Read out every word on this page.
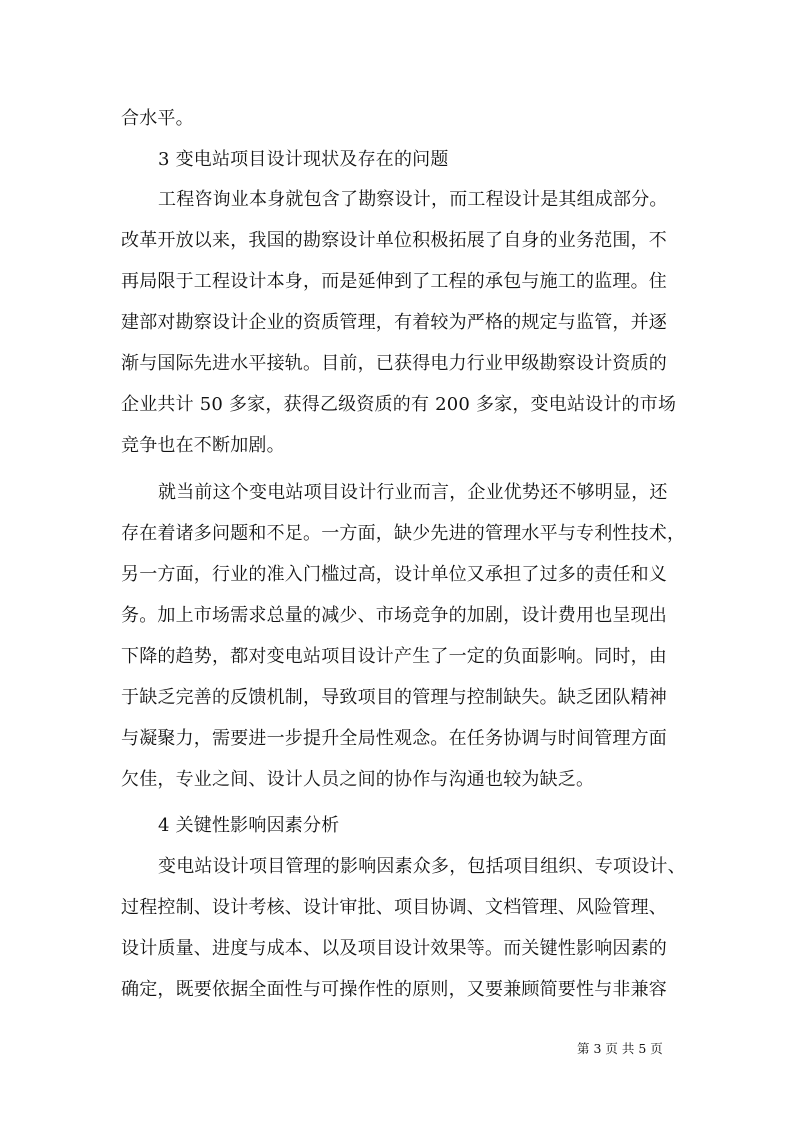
合水平。
3 变电站项目设计现状及存在的问题
工程咨询业本身就包含了勘察设计，而工程设计是其组成部分。
改革开放以来，我国的勘察设计单位积极拓展了自身的业务范围，不
再局限于工程设计本身，而是延伸到了工程的承包与施工的监理。住
建部对勘察设计企业的资质管理，有着较为严格的规定与监管，并逐
渐与国际先进水平接轨。目前，已获得电力行业甲级勘察设计资质的
企业共计 50 多家，获得乙级资质的有 200 多家，变电站设计的市场
竞争也在不断加剧。
就当前这个变电站项目设计行业而言，企业优势还不够明显，还
存在着诸多问题和不足。一方面，缺少先进的管理水平与专利性技术，
另一方面，行业的准入门槛过高，设计单位又承担了过多的责任和义
务。加上市场需求总量的减少、市场竞争的加剧，设计费用也呈现出
下降的趋势，都对变电站项目设计产生了一定的负面影响。同时，由
于缺乏完善的反馈机制，导致项目的管理与控制缺失。缺乏团队精神
与凝聚力，需要进一步提升全局性观念。在任务协调与时间管理方面
欠佳，专业之间、设计人员之间的协作与沟通也较为缺乏。
4 关键性影响因素分析
变电站设计项目管理的影响因素众多，包括项目组织、专项设计、
过程控制、设计考核、设计审批、项目协调、文档管理、风险管理、
设计质量、进度与成本、以及项目设计效果等。而关键性影响因素的
确定，既要依据全面性与可操作性的原则，又要兼顾简要性与非兼容
第 3 页 共 5 页
